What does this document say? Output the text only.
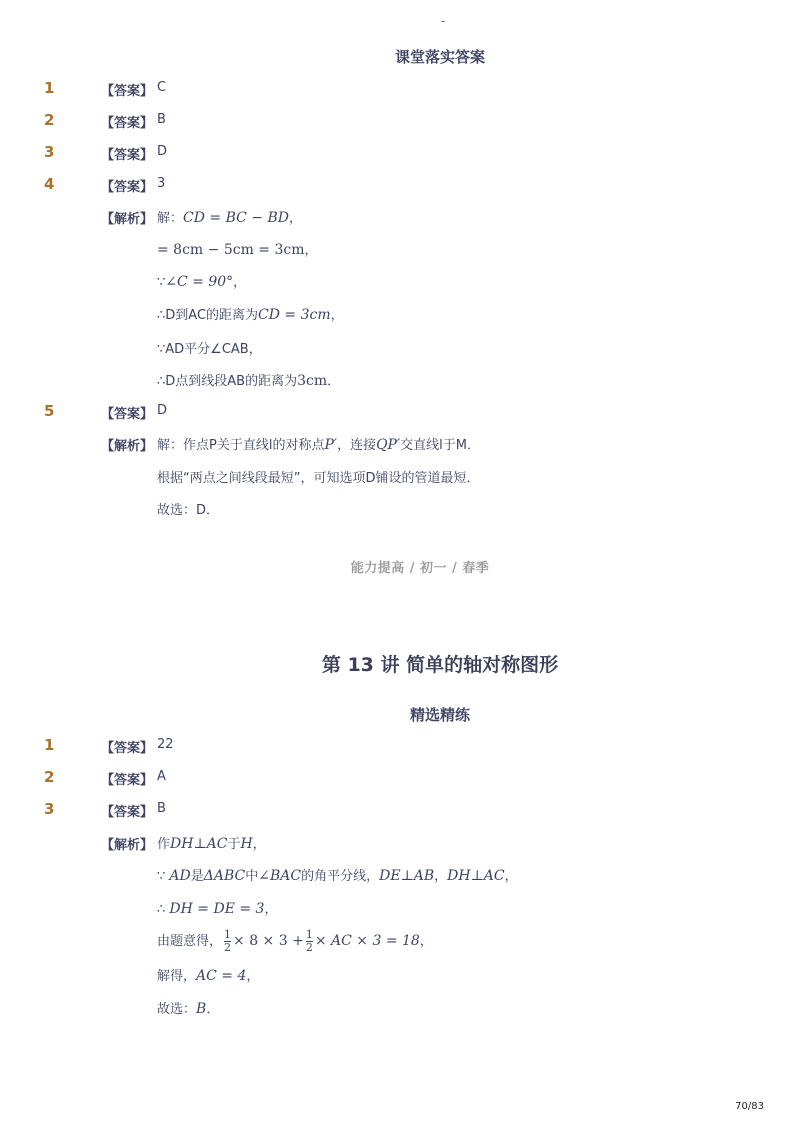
-
课堂落实答案
1	【答案】 C
2	【答案】 B
3	【答案】 D
4	【答案】 3
【解析】 解：CD = BC − BD，
= 8cm − 5cm = 3cm，
∵∠C = 90°，
∴D到AC的距离为CD = 3cm，
∵AD平分∠CAB，
∴D点到线段AB的距离为3cm．
5	【答案】 D
【解析】 解：作点P关于直线l的对称点P′，连接QP′交直线l于M．
根据“两点之间线段最短”，可知选项D铺设的管道最短．
故选：D．
能力提高 / 初一 / 春季
第 13 讲 简单的轴对称图形
精选精练
1	【答案】 22
2	【答案】 A
3	【答案】 B
【解析】 作DH⊥AC于H，
∵ AD是ΔABC中∠BAC的角平分线，DE⊥AB，DH⊥AC，
∴ DH = DE = 3，
由题意得， $\frac{1}{2} \times 8 \times 3 + \frac{1}{2}$ × AC × 3 = 18，
解得，AC = 4，
故选：B．
70/83
